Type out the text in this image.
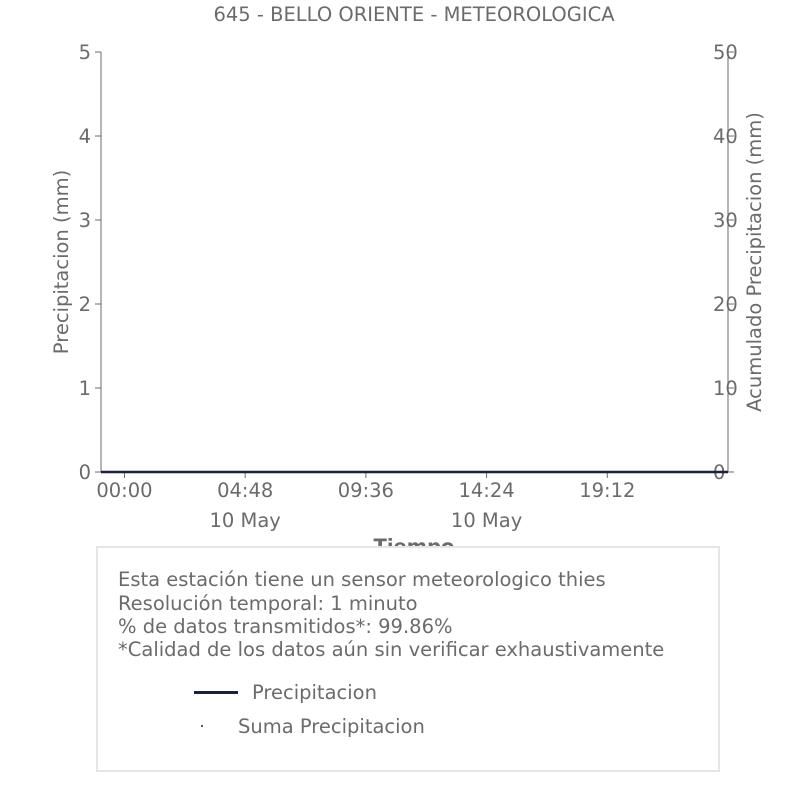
645 - BELLO ORIENTE - METEOROLOGICA
Precipitacion (mm)	Acumulado Precipitacion (mm)
0
1
2
3
4
5
0
10
20
30
40
50
00:00	04:48
10 May
09:36	14:24
10 May
19:12
Esta estación tiene un sensor meteorologico thies
Resolución temporal: 1 minuto
% de datos transmitidos*: 99.86%
*Calidad de los datos aún sin verificar exhaustivamente
Precipitacion
Suma Precipitacion
